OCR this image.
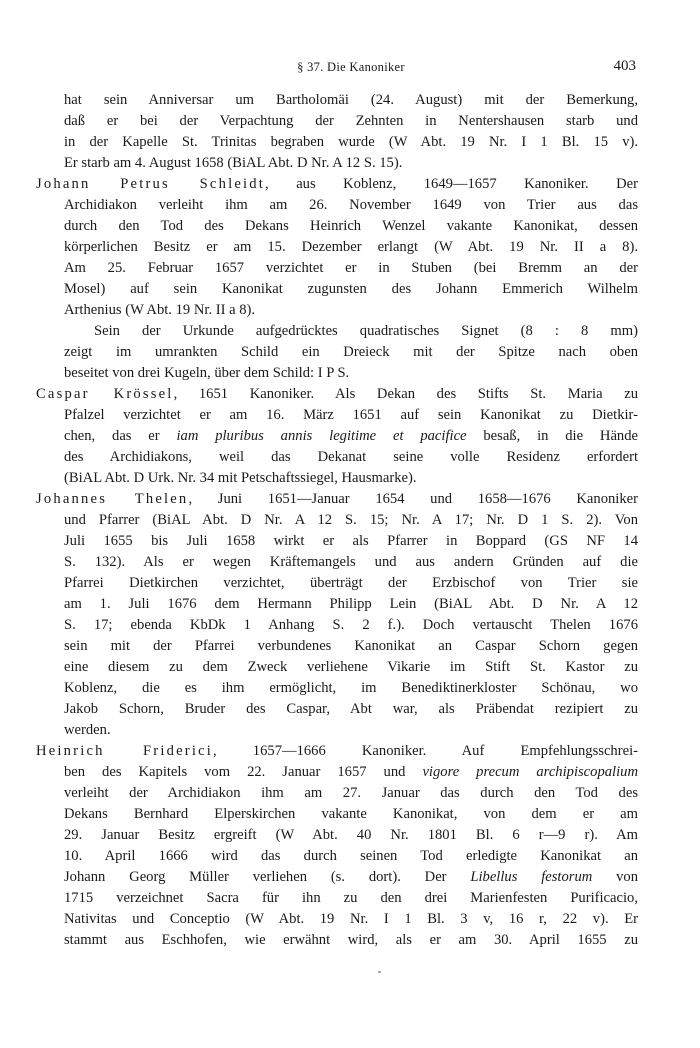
§ 37. Die Kanoniker	403
hat sein Anniversar um Bartholomäi (24. August) mit der Bemerkung,
daß er bei der Verpachtung der Zehnten in Nentershausen starb und
in der Kapelle St. Trinitas begraben wurde (W Abt. 19 Nr. I 1 Bl. 15 v).
Er starb am 4. August 1658 (BiAL Abt. D Nr. A 12 S. 15).
Johann Petrus Schleidt, aus Koblenz, 1649—1657 Kanoniker. Der
Archidiakon verleiht ihm am 26. November 1649 von Trier aus das
durch den Tod des Dekans Heinrich Wenzel vakante Kanonikat, dessen
körperlichen Besitz er am 15. Dezember erlangt (W Abt. 19 Nr. II a 8).
Am 25. Februar 1657 verzichtet er in Stuben (bei Bremm an der
Mosel) auf sein Kanonikat zugunsten des Johann Emmerich Wilhelm
Arthenius (W Abt. 19 Nr. II a 8).
Sein der Urkunde aufgedrücktes quadratisches Signet (8 : 8 mm)
zeigt im umrankten Schild ein Dreieck mit der Spitze nach oben
beseitet von drei Kugeln, über dem Schild: I P S.
Caspar Krössel, 1651 Kanoniker. Als Dekan des Stifts St. Maria zu
Pfalzel verzichtet er am 16. März 1651 auf sein Kanonikat zu Dietkir-
chen, das er iam pluribus annis legitime et pacifice besaß, in die Hände
des Archidiakons, weil das Dekanat seine volle Residenz erfordert
(BiAL Abt. D Urk. Nr. 34 mit Petschaftssiegel, Hausmarke).
Johannes Thelen, Juni 1651—Januar 1654 und 1658—1676 Kanoniker
und Pfarrer (BiAL Abt. D Nr. A 12 S. 15; Nr. A 17; Nr. D 1 S. 2). Von
Juli 1655 bis Juli 1658 wirkt er als Pfarrer in Boppard (GS NF 14
S. 132). Als er wegen Kräftemangels und aus andern Gründen auf die
Pfarrei Dietkirchen verzichtet, überträgt der Erzbischof von Trier sie
am 1. Juli 1676 dem Hermann Philipp Lein (BiAL Abt. D Nr. A 12
S. 17; ebenda KbDk 1 Anhang S. 2 f.). Doch vertauscht Thelen 1676
sein mit der Pfarrei verbundenes Kanonikat an Caspar Schorn gegen
eine diesem zu dem Zweck verliehene Vikarie im Stift St. Kastor zu
Koblenz, die es ihm ermöglicht, im Benediktinerkloster Schönau, wo
Jakob Schorn, Bruder des Caspar, Abt war, als Präbendat rezipiert zu
werden.
Heinrich Friderici, 1657—1666 Kanoniker. Auf Empfehlungsschrei-
ben des Kapitels vom 22. Januar 1657 und vigore precum archipiscopalium
verleiht der Archidiakon ihm am 27. Januar das durch den Tod des
Dekans Bernhard Elperskirchen vakante Kanonikat, von dem er am
29. Januar Besitz ergreift (W Abt. 40 Nr. 1801 Bl. 6 r—9 r). Am
10. April 1666 wird das durch seinen Tod erledigte Kanonikat an
Johann Georg Müller verliehen (s. dort). Der Libellus festorum von
1715 verzeichnet Sacra für ihn zu den drei Marienfesten Purificacio,
Nativitas und Conceptio (W Abt. 19 Nr. I 1 Bl. 3 v, 16 r, 22 v). Er
stammt aus Eschhofen, wie erwähnt wird, als er am 30. April 1655 zu
